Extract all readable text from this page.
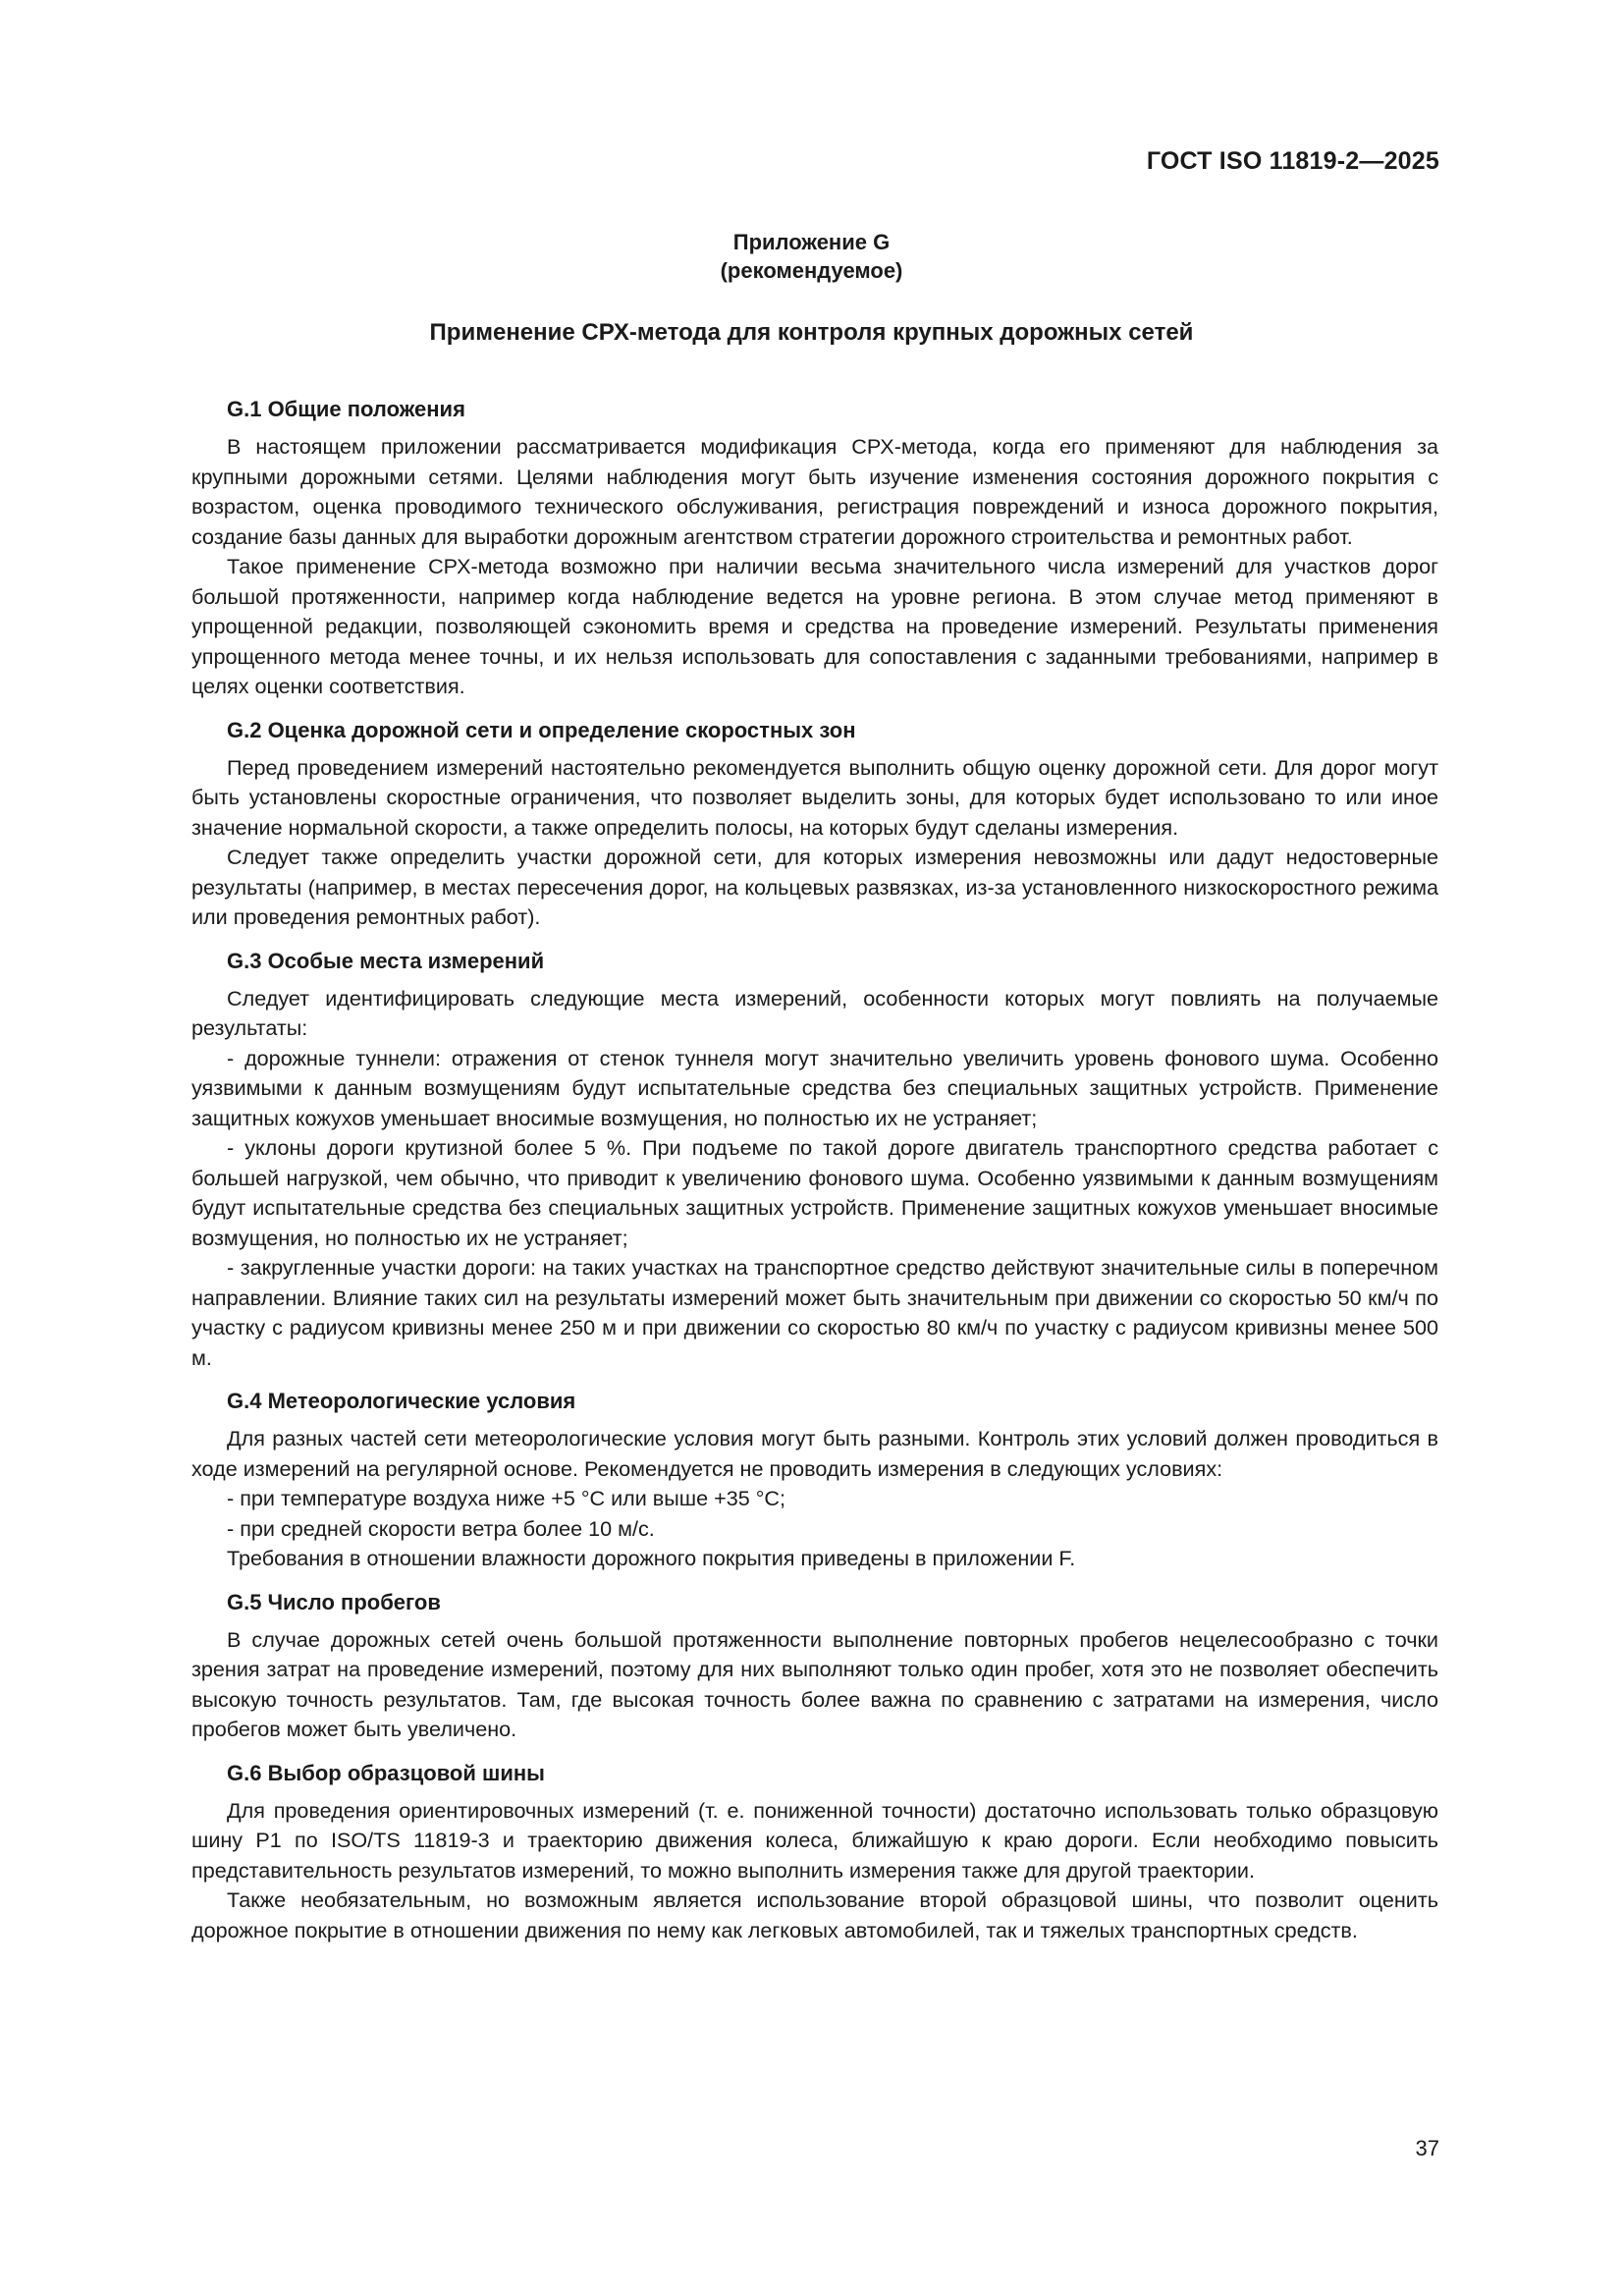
ГОСТ ISO 11819-2—2025
Приложение G
(рекомендуемое)
Применение СРХ-метода для контроля крупных дорожных сетей
G.1 Общие положения

В настоящем приложении рассматривается модификация СРХ-метода, когда его применяют для наблюдения за крупными дорожными сетями. Целями наблюдения могут быть изучение изменения состояния дорожного покрытия с возрастом, оценка проводимого технического обслуживания, регистрация повреждений и износа дорожного покрытия, создание базы данных для выработки дорожным агентством стратегии дорожного строительства и ремонтных работ.

Такое применение СРХ-метода возможно при наличии весьма значительного числа измерений для участков дорог большой протяженности, например когда наблюдение ведется на уровне региона. В этом случае метод применяют в упрощенной редакции, позволяющей сэкономить время и средства на проведение измерений. Результаты применения упрощенного метода менее точны, и их нельзя использовать для сопоставления с заданными требованиями, например в целях оценки соответствия.

G.2 Оценка дорожной сети и определение скоростных зон

Перед проведением измерений настоятельно рекомендуется выполнить общую оценку дорожной сети. Для дорог могут быть установлены скоростные ограничения, что позволяет выделить зоны, для которых будет использовано то или иное значение нормальной скорости, а также определить полосы, на которых будут сделаны измерения.

Следует также определить участки дорожной сети, для которых измерения невозможны или дадут недостоверные результаты (например, в местах пересечения дорог, на кольцевых развязках, из-за установленного низкоскоростного режима или проведения ремонтных работ).

G.3 Особые места измерений

Следует идентифицировать следующие места измерений, особенности которых могут повлиять на получаемые результаты:

- дорожные туннели: отражения от стенок туннеля могут значительно увеличить уровень фонового шума. Особенно уязвимыми к данным возмущениям будут испытательные средства без специальных защитных устройств. Применение защитных кожухов уменьшает вносимые возмущения, но полностью их не устраняет;

- уклоны дороги крутизной более 5 %. При подъеме по такой дороге двигатель транспортного средства работает с большей нагрузкой, чем обычно, что приводит к увеличению фонового шума. Особенно уязвимыми к данным возмущениям будут испытательные средства без специальных защитных устройств. Применение защитных кожухов уменьшает вносимые возмущения, но полностью их не устраняет;

- закругленные участки дороги: на таких участках на транспортное средство действуют значительные силы в поперечном направлении. Влияние таких сил на результаты измерений может быть значительным при движении со скоростью 50 км/ч по участку с радиусом кривизны менее 250 м и при движении со скоростью 80 км/ч по участку с радиусом кривизны менее 500 м.

G.4 Метеорологические условия

Для разных частей сети метеорологические условия могут быть разными. Контроль этих условий должен проводиться в ходе измерений на регулярной основе. Рекомендуется не проводить измерения в следующих условиях:

- при температуре воздуха ниже +5 °С или выше +35 °С;

- при средней скорости ветра более 10 м/с.

Требования в отношении влажности дорожного покрытия приведены в приложении F.

G.5 Число пробегов

В случае дорожных сетей очень большой протяженности выполнение повторных пробегов нецелесообразно с точки зрения затрат на проведение измерений, поэтому для них выполняют только один пробег, хотя это не позволяет обеспечить высокую точность результатов. Там, где высокая точность более важна по сравнению с затратами на измерения, число пробегов может быть увеличено.

G.6 Выбор образцовой шины

Для проведения ориентировочных измерений (т. е. пониженной точности) достаточно использовать только образцовую шину Р1 по ISO/TS 11819-3 и траекторию движения колеса, ближайшую к краю дороги. Если необходимо повысить представительность результатов измерений, то можно выполнить измерения также для другой траектории.

Также необязательным, но возможным является использование второй образцовой шины, что позволит оценить дорожное покрытие в отношении движения по нему как легковых автомобилей, так и тяжелых транспортных средств.

37
